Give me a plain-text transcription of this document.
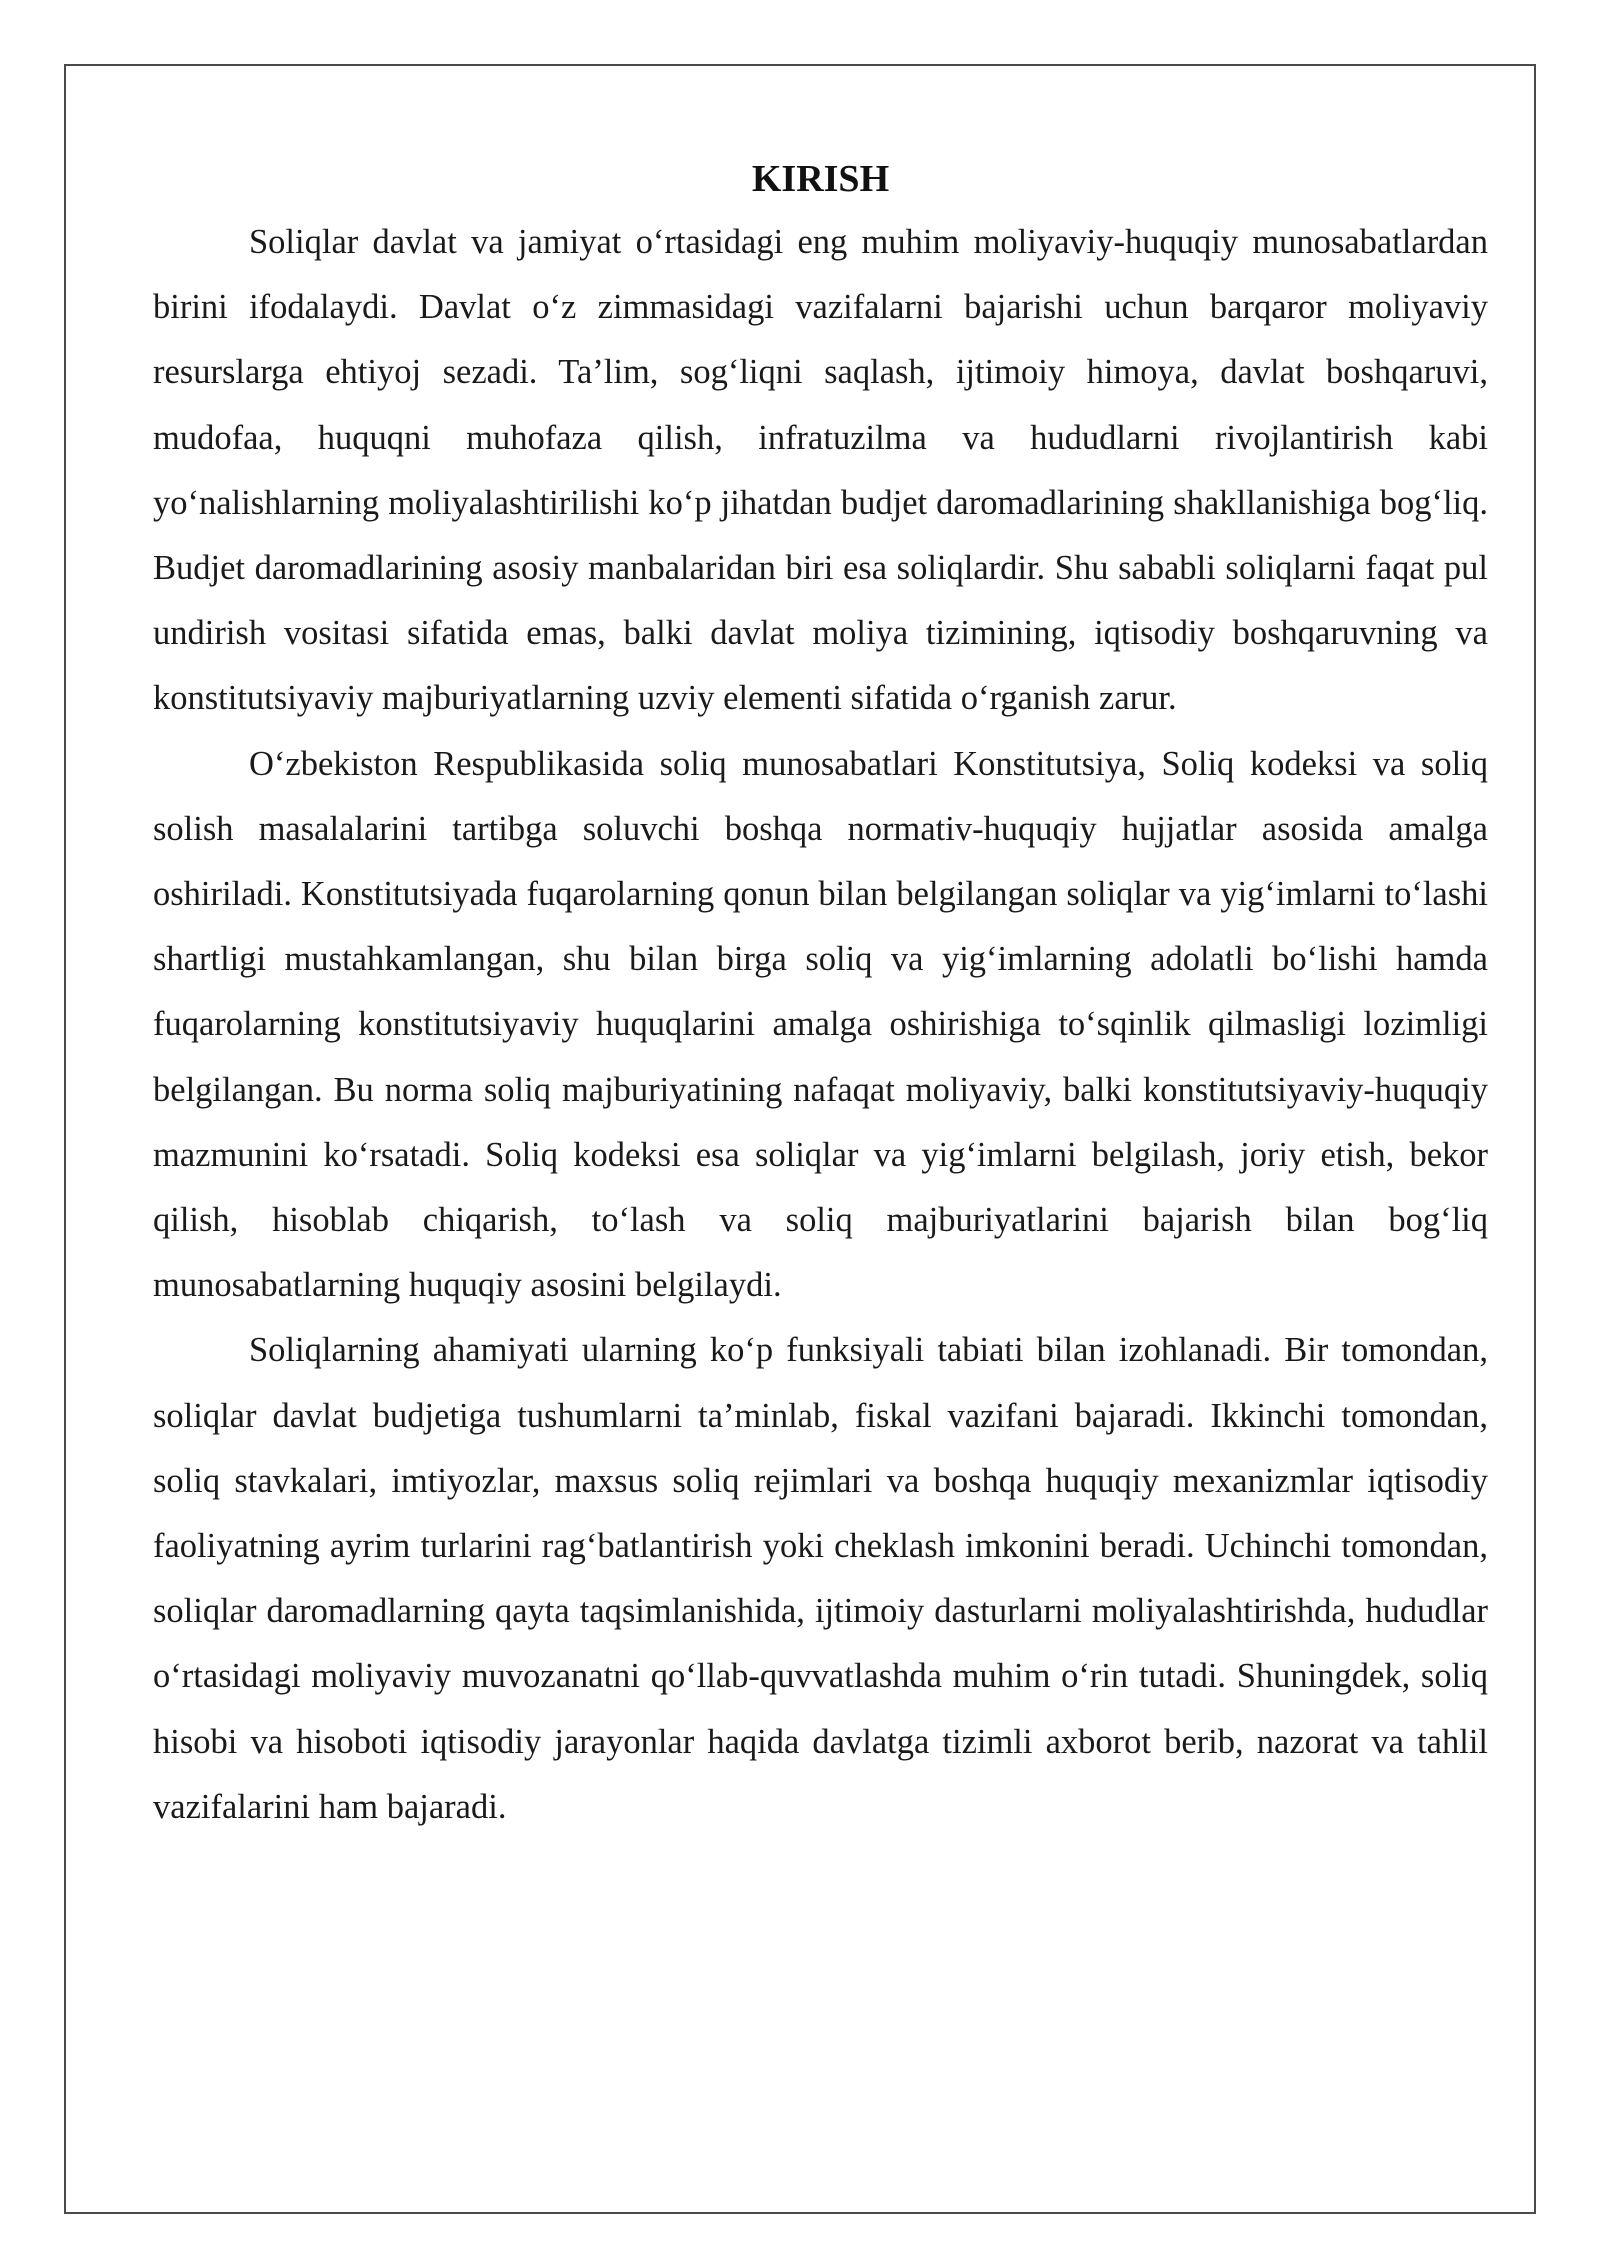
KIRISH

Soliqlar davlat va jamiyat o‘rtasidagi eng muhim moliyaviy-huquqiy munosabatlardan birini ifodalaydi. Davlat o‘z zimmasidagi vazifalarni bajarishi uchun barqaror moliyaviy resurslarga ehtiyoj sezadi. Ta’lim, sog‘liqni saqlash, ijtimoiy himoya, davlat boshqaruvi, mudofaa, huquqni muhofaza qilish, infratuzilma va hududlarni rivojlantirish kabi yo‘nalishlarning moliyalashtirilishi ko‘p jihatdan budjet daromadlarining shakllanishiga bog‘liq. Budjet daromadlarining asosiy manbalaridan biri esa soliqlardir. Shu sababli soliqlarni faqat pul undirish vositasi sifatida emas, balki davlat moliya tizimining, iqtisodiy boshqaruvning va konstitutsiyaviy majburiyatlarning uzviy elementi sifatida o‘rganish zarur.

O‘zbekiston Respublikasida soliq munosabatlari Konstitutsiya, Soliq kodeksi va soliq solish masalalarini tartibga soluvchi boshqa normativ-huquqiy hujjatlar asosida amalga oshiriladi. Konstitutsiyada fuqarolarning qonun bilan belgilangan soliqlar va yig‘imlarni to‘lashi shartligi mustahkamlangan, shu bilan birga soliq va yig‘imlarning adolatli bo‘lishi hamda fuqarolarning konstitutsiyaviy huquqlarini amalga oshirishiga to‘sqinlik qilmasligi lozimligi belgilangan. Bu norma soliq majburiyatining nafaqat moliyaviy, balki konstitutsiyaviy-huquqiy mazmunini ko‘rsatadi. Soliq kodeksi esa soliqlar va yig‘imlarni belgilash, joriy etish, bekor qilish, hisoblab chiqarish, to‘lash va soliq majburiyatlarini bajarish bilan bog‘liq munosabatlarning huquqiy asosini belgilaydi.

Soliqlarning ahamiyati ularning ko‘p funksiyali tabiati bilan izohlanadi. Bir tomondan, soliqlar davlat budjetiga tushumlarni ta’minlab, fiskal vazifani bajaradi. Ikkinchi tomondan, soliq stavkalari, imtiyozlar, maxsus soliq rejimlari va boshqa huquqiy mexanizmlar iqtisodiy faoliyatning ayrim turlarini rag‘batlantirish yoki cheklash imkonini beradi. Uchinchi tomondan, soliqlar daromadlarning qayta taqsimlanishida, ijtimoiy dasturlarni moliyalashtirishda, hududlar o‘rtasidagi moliyaviy muvozanatni qo‘llab-quvvatlashda muhim o‘rin tutadi. Shuningdek, soliq hisobi va hisoboti iqtisodiy jarayonlar haqida davlatga tizimli axborot berib, nazorat va tahlil vazifalarini ham bajaradi.
